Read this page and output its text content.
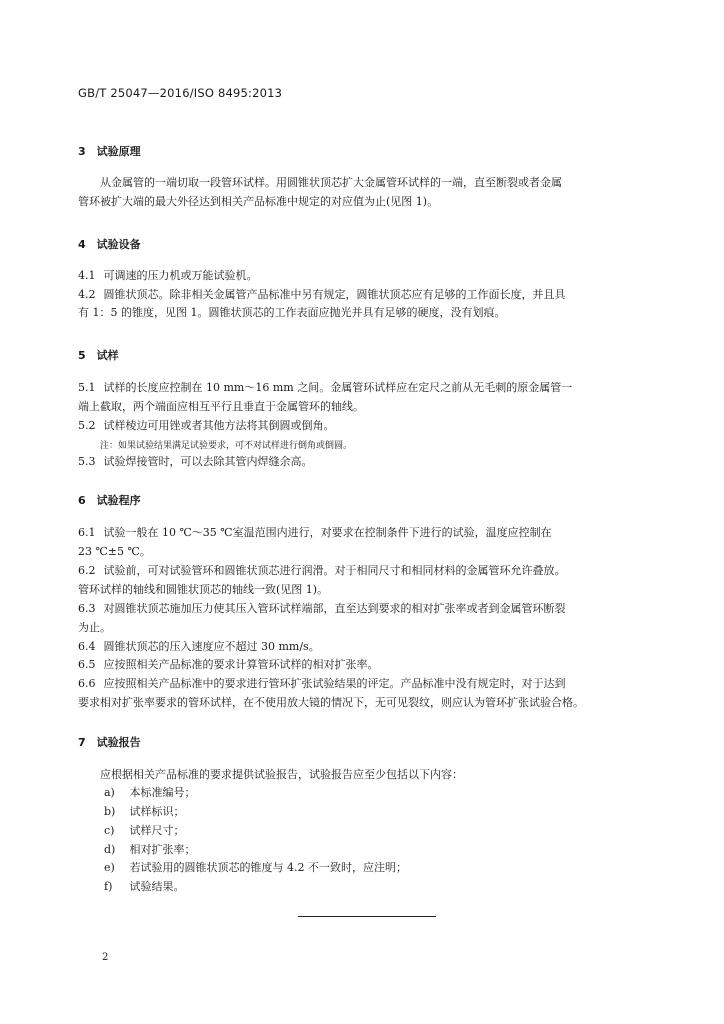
GB/T 25047—2016/ISO 8495:2013
3　试验原理
从金属管的一端切取一段管环试样。用圆锥状顶芯扩大金属管环试样的一端，直至断裂或者金属
管环被扩大端的最大外径达到相关产品标准中规定的对应值为止(见图 1)。
4　试验设备
4.1 可调速的压力机或万能试验机。
4.2 圆锥状顶芯。除非相关金属管产品标准中另有规定，圆锥状顶芯应有足够的工作面长度，并且具
有 1：5 的锥度，见图 1。圆锥状顶芯的工作表面应抛光并具有足够的硬度，没有划痕。
5　试样
5.1 试样的长度应控制在 10 mm～16 mm 之间。金属管环试样应在定尺之前从无毛刺的原金属管一
端上截取，两个端面应相互平行且垂直于金属管环的轴线。
5.2 试样棱边可用锉或者其他方法将其倒圆或倒角。
注：如果试验结果满足试验要求，可不对试样进行倒角或倒圆。
5.3 试验焊接管时，可以去除其管内焊缝余高。
6　试验程序
6.1 试验一般在 10 ℃～35 ℃室温范围内进行，对要求在控制条件下进行的试验，温度应控制在
23 ℃±5 ℃。
6.2 试验前，可对试验管环和圆锥状顶芯进行润滑。对于相同尺寸和相同材料的金属管环允许叠放。
管环试样的轴线和圆锥状顶芯的轴线一致(见图 1)。
6.3 对圆锥状顶芯施加压力使其压入管环试样端部，直至达到要求的相对扩张率或者到金属管环断裂
为止。
6.4 圆锥状顶芯的压入速度应不超过 30 mm/s。
6.5 应按照相关产品标准的要求计算管环试样的相对扩张率。
6.6 应按照相关产品标准中的要求进行管环扩张试验结果的评定。产品标准中没有规定时，对于达到
要求相对扩张率要求的管环试样，在不使用放大镜的情况下，无可见裂纹，则应认为管环扩张试验合格。
7　试验报告
应根据相关产品标准的要求提供试验报告，试验报告应至少包括以下内容：
a) 本标准编号；
b) 试样标识；
c) 试样尺寸；
d) 相对扩张率；
e) 若试验用的圆锥状顶芯的锥度与 4.2 不一致时，应注明；
f) 试验结果。
2
